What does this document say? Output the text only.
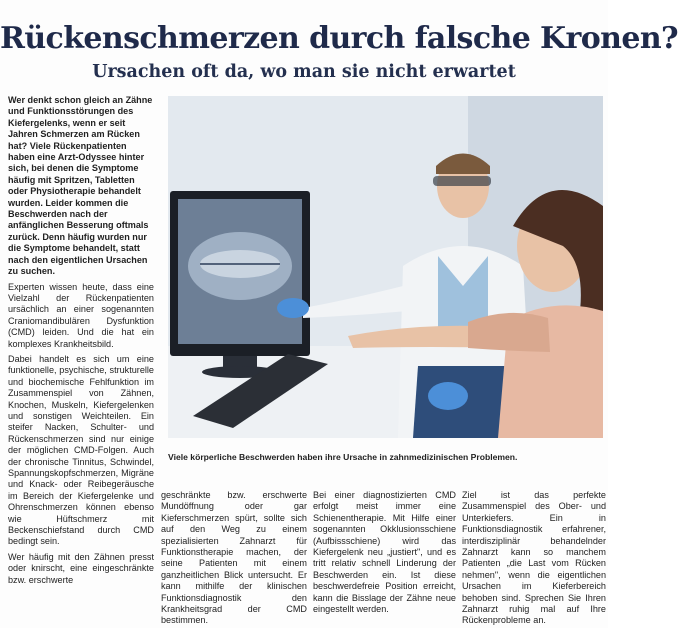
Rückenschmerzen durch falsche Kronen?
Ursachen oft da, wo man sie nicht erwartet

Wer denkt schon gleich an Zähne und Funktionsstörungen des Kiefergelenks, wenn er seit Jahren Schmerzen am Rücken hat? Viele Rückenpatienten haben eine Arzt-Odyssee hinter sich, bei denen die Symptome häufig mit Spritzen, Tabletten oder Physiotherapie behandelt wurden. Leider kommen die Beschwerden nach der anfänglichen Besserung oftmals zurück. Denn häufig wurden nur die Symptome behandelt, statt nach den eigentlichen Ursachen zu suchen.

Experten wissen heute, dass eine Vielzahl der Rückenpatienten ursächlich an einer sogenannten Craniomandibulären Dysfunktion (CMD) leiden. Und die hat ein komplexes Krankheitsbild.

Dabei handelt es sich um eine funktionelle, psychische, strukturelle und biochemische Fehlfunktion im Zusammenspiel von Zähnen, Knochen, Muskeln, Kiefergelenken und sonstigen Weichteilen. Ein steifer Nacken, Schulter- und Rückenschmerzen sind nur einige der möglichen CMD-Folgen. Auch der chronische Tinnitus, Schwindel, Spannungskopfschmerzen, Migräne und Knack- oder Reibegeräusche im Bereich der Kiefergelenke und Ohrenschmerzen können ebenso wie Hüftschmerz mit Beckenschiefstand durch CMD bedingt sein.

Wer häufig mit den Zähnen presst oder knirscht, eine eingeschränkte bzw. erschwerte

Viele körperliche Beschwerden haben ihre Ursache in zahnmedizinischen Problemen.

geschränkte bzw. erschwerte Mundöffnung oder gar Kieferschmerzen spürt, sollte sich auf den Weg zu einem spezialisierten Zahnarzt für Funktionstherapie machen, der seine Patienten mit einem ganzheitlichen Blick untersucht. Er kann mithilfe der klinischen Funktionsdiagnostik den Krankheitsgrad der CMD bestimmen.

Bei einer diagnostizierten CMD erfolgt meist immer eine Schienentherapie. Mit Hilfe einer sogenannten Okklusionsschiene (Aufbissschiene) wird das Kiefergelenk neu „justiert", und es tritt relativ schnell Linderung der Beschwerden ein. Ist diese beschwerdefreie Position erreicht, kann die Bisslage der Zähne neue eingestellt werden.

Ziel ist das perfekte Zusammenspiel des Ober- und Unterkiefers. Ein in Funktionsdiagnostik erfahrener, interdisziplinär behandelnder Zahnarzt kann so manchem Patienten „die Last vom Rücken nehmen", wenn die eigentlichen Ursachen im Kieferbereich behoben sind. Sprechen Sie Ihren Zahnarzt ruhig mal auf Ihre Rückenprobleme an.
